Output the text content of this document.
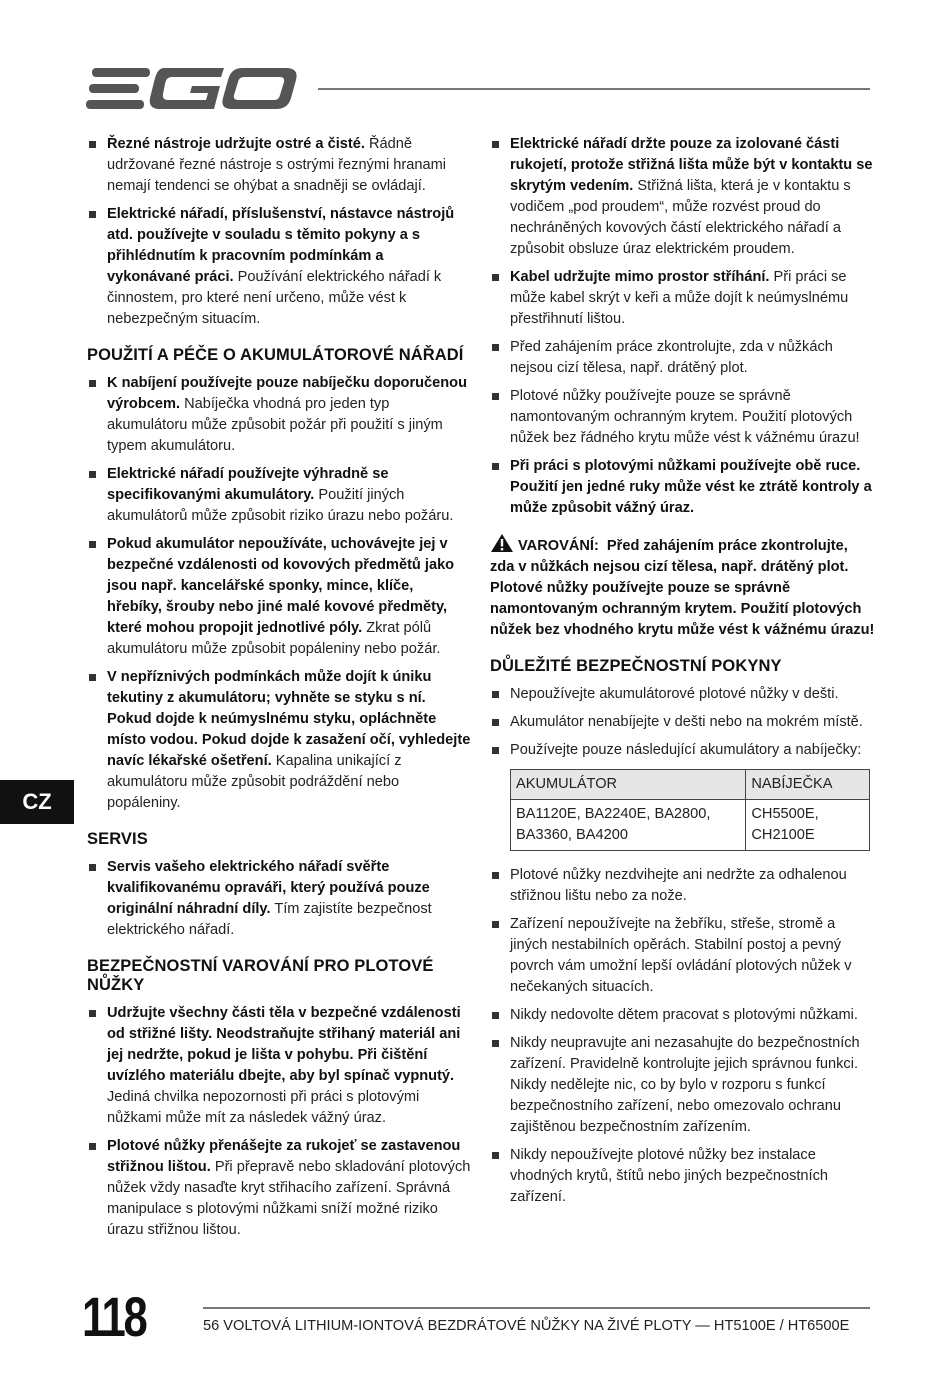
Řezné nástroje udržujte ostré a čisté. Řádně udržované řezné nástroje s ostrými řeznými hranami nemají tendenci se ohýbat a snadněji se ovládají.
Elektrické nářadí, příslušenství, nástavce nástrojů atd. používejte v souladu s těmito pokyny a s přihlédnutím k pracovním podmínkám a vykonávané práci. Používání elektrického nářadí k činnostem, pro které není určeno, může vést k nebezpečným situacím.
POUŽITÍ A PÉČE O AKUMULÁTOROVÉ NÁŘADÍ
K nabíjení používejte pouze nabíječku doporučenou výrobcem. Nabíječka vhodná pro jeden typ akumulátoru může způsobit požár při použití s jiným typem akumulátoru.
Elektrické nářadí používejte výhradně se specifikovanými akumulátory. Použití jiných akumulátorů může způsobit riziko úrazu nebo požáru.
Pokud akumulátor nepoužíváte, uchovávejte jej v bezpečné vzdálenosti od kovových předmětů jako jsou např. kancelářské sponky, mince, klíče, hřebíky, šrouby nebo jiné malé kovové předměty, které mohou propojit jednotlivé póly. Zkrat pólů akumulátoru může způsobit popáleniny nebo požár.
V nepříznivých podmínkách může dojít k úniku tekutiny z akumulátoru; vyhněte se styku s ní. Pokud dojde k neúmyslnému styku, opláchněte místo vodou. Pokud dojde k zasažení očí, vyhledejte navíc lékařské ošetření. Kapalina unikající z akumulátoru může způsobit podráždění nebo popáleniny.
SERVIS
Servis vašeho elektrického nářadí svěřte kvalifikovanému opraváři, který používá pouze originální náhradní díly. Tím zajistíte bezpečnost elektrického nářadí.
BEZPEČNOSTNÍ VAROVÁNÍ PRO PLOTOVÉ NŮŽKY
Udržujte všechny části těla v bezpečné vzdálenosti od střižné lišty. Neodstraňujte střihaný materiál ani jej nedržte, pokud je lišta v pohybu. Při čištění uvízlého materiálu dbejte, aby byl spínač vypnutý. Jediná chvilka nepozornosti při práci s plotovými nůžkami může mít za následek vážný úraz.
Plotové nůžky přenášejte za rukojeť se zastavenou střižnou lištou. Při přepravě nebo skladování plotových nůžek vždy nasaďte kryt střihacího zařízení. Správná manipulace s plotovými nůžkami sníží možné riziko úrazu střižnou lištou.
Elektrické nářadí držte pouze za izolované části rukojetí, protože střižná lišta může být v kontaktu se skrytým vedením. Střižná lišta, která je v kontaktu s vodičem „pod proudem“, může rozvést proud do nechráněných kovových částí elektrického nářadí a způsobit obsluze úraz elektrickém proudem.
Kabel udržujte mimo prostor stříhání. Při práci se může kabel skrýt v keři a může dojít k neúmyslnému přestřihnutí lištou.
Před zahájením práce zkontrolujte, zda v nůžkách nejsou cizí tělesa, např. drátěný plot.
Plotové nůžky používejte pouze se správně namontovaným ochranným krytem. Použití plotových nůžek bez řádného krytu může vést k vážnému úrazu!
Při práci s plotovými nůžkami používejte obě ruce. Použití jen jedné ruky může vést ke ztrátě kontroly a může způsobit vážný úraz.
VAROVÁNÍ: Před zahájením práce zkontrolujte, zda v nůžkách nejsou cizí tělesa, např. drátěný plot. Plotové nůžky používejte pouze se správně namontovaným ochranným krytem. Použití plotových nůžek bez vhodného krytu může vést k vážnému úrazu!
DŮLEŽITÉ BEZPEČNOSTNÍ POKYNY
Nepoužívejte akumulátorové plotové nůžky v dešti.
Akumulátor nenabíjejte v dešti nebo na mokrém místě.
Používejte pouze následující akumulátory a nabíječky:
AKUMULÁTOR	NABÍJEČKA
BA1120E, BA2240E, BA2800, BA3360, BA4200	CH5500E, CH2100E
Plotové nůžky nezdvihejte ani nedržte za odhalenou střižnou lištu nebo za nože.
Zařízení nepoužívejte na žebříku, střeše, stromě a jiných nestabilních opěrách. Stabilní postoj a pevný povrch vám umožní lepší ovládání plotových nůžek v nečekaných situacích.
Nikdy nedovolte dětem pracovat s plotovými nůžkami.
Nikdy neupravujte ani nezasahujte do bezpečnostních zařízení. Pravidelně kontrolujte jejich správnou funkci. Nikdy nedělejte nic, co by bylo v rozporu s funkcí bezpečnostního zařízení, nebo omezovalo ochranu zajištěnou bezpečnostním zařízením.
Nikdy nepoužívejte plotové nůžky bez instalace vhodných krytů, štítů nebo jiných bezpečnostních zařízení.
CZ
118	56 VOLTOVÁ LITHIUM-IONTOVÁ BEZDRÁTOVÉ NŮŽKY NA ŽIVÉ PLOTY — HT5100E / HT6500E
